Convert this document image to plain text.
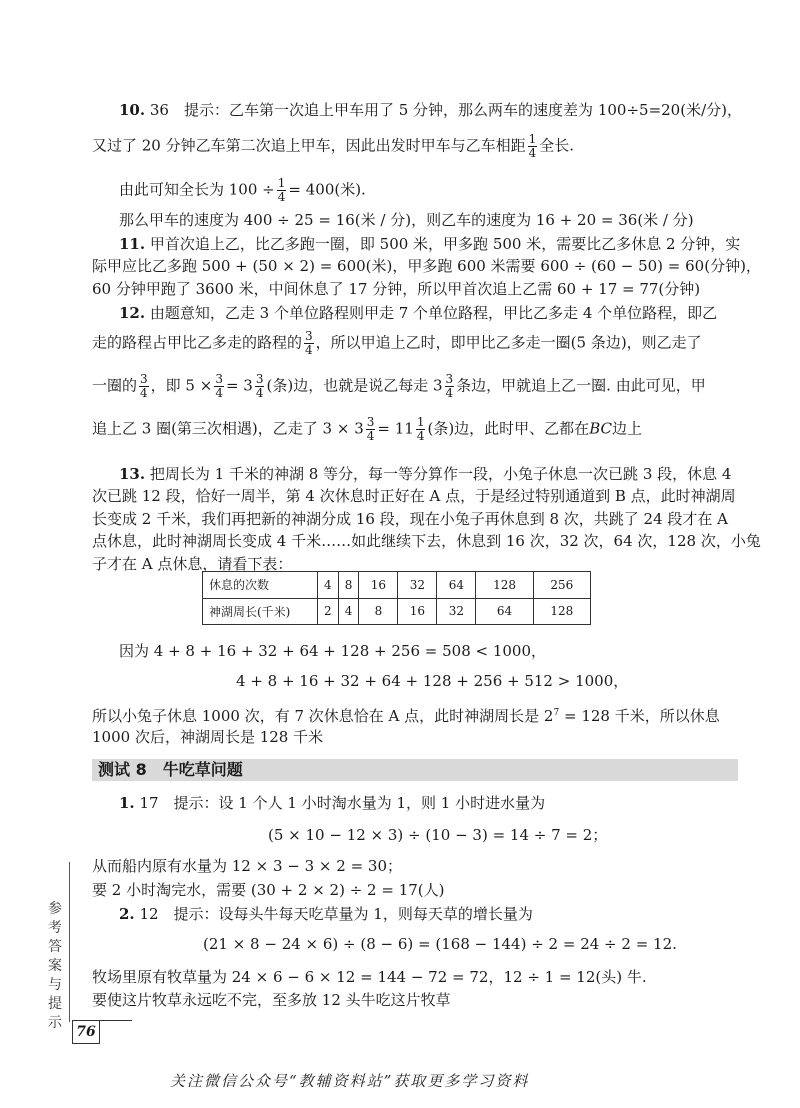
10. 36　提示：乙车第一次追上甲车用了 5 分钟，那么两车的速度差为 100÷5=20(米/分)，
又过了 20 分钟乙车第二次追上甲车，因此出发时甲车与乙车相距 $\frac{1}{4}$ 全长.
由此可知全长为 $100 \div \frac{1}{4} = 400$(米).
那么甲车的速度为 400 ÷ 25 = 16(米 / 分)，则乙车的速度为 16 + 20 = 36(米 / 分)
11. 甲首次追上乙，比乙多跑一圈，即 500 米，甲多跑 500 米，需要比乙多休息 2 分钟，实
际甲应比乙多跑 500 + (50 × 2) = 600(米)，甲多跑 600 米需要 600 ÷ (60 − 50) = 60(分钟)，
60 分钟甲跑了 3600 米，中间休息了 17 分钟，所以甲首次追上乙需 60 + 17 = 77(分钟)
12. 由题意知，乙走 3 个单位路程则甲走 7 个单位路程，甲比乙多走 4 个单位路程，即乙
走的路程占甲比乙多走的路程的 $\frac{3}{4}$ ，所以甲追上乙时，即甲比乙多走一圈(5 条边)，则乙走了
一圈的 $\frac{3}{4}$ ，即 $5 \times \frac{3}{4} = 3 \frac{3}{4}$ (条)边，也就是说乙每走 $3 \frac{3}{4}$ 条边，甲就追上乙一圈. 由此可见，甲
追上乙 3 圈(第三次相遇)，乙走了 $3 \times 3 \frac{3}{4} = 11 \frac{1}{4}$ (条)边，此时甲、乙都在BC边上
13. 把周长为 1 千米的神湖 8 等分，每一等分算作一段，小兔子休息一次已跳 3 段，休息 4
次已跳 12 段，恰好一周半，第 4 次休息时正好在 A 点，于是经过特别通道到 B 点，此时神湖周
长变成 2 千米，我们再把新的神湖分成 16 段，现在小兔子再休息到 8 次，共跳了 24 段才在 A
点休息，此时神湖周长变成 4 千米……如此继续下去，休息到 16 次，32 次，64 次，128 次，小兔
子才在 A 点休息，请看下表：
休息的次数	4	8	16	32	64	128	256
神湖周长(千米)	2	4	8	16	32	64	128
因为 4 + 8 + 16 + 32 + 64 + 128 + 256 = 508 < 1000，
4 + 8 + 16 + 32 + 64 + 128 + 256 + 512 > 1000，
所以小兔子休息 1000 次，有 7 次休息恰在 A 点，此时神湖周长是 $2^7 = 128$ 千米，所以休息
1000 次后，神湖周长是 128 千米
测试 8　牛吃草问题
1. 17　提示：设 1 个人 1 小时淘水量为 1，则 1 小时进水量为
(5 × 10 − 12 × 3) ÷ (10 − 3) = 14 ÷ 7 = 2；
从而船内原有水量为 12 × 3 − 3 × 2 = 30；
要 2 小时淘完水，需要 (30 + 2 × 2) ÷ 2 = 17(人)
2. 12　提示：设每头牛每天吃草量为 1，则每天草的增长量为
(21 × 8 − 24 × 6) ÷ (8 − 6) = (168 − 144) ÷ 2 = 24 ÷ 2 = 12.
牧场里原有牧草量为 24 × 6 − 6 × 12 = 144 − 72 = 72，12 ÷ 1 = 12(头) 牛.
要使这片牧草永远吃不完，至多放 12 头牛吃这片牧草
参考答案与提示
76
关注微信公众号“教辅资料站”获取更多学习资料
